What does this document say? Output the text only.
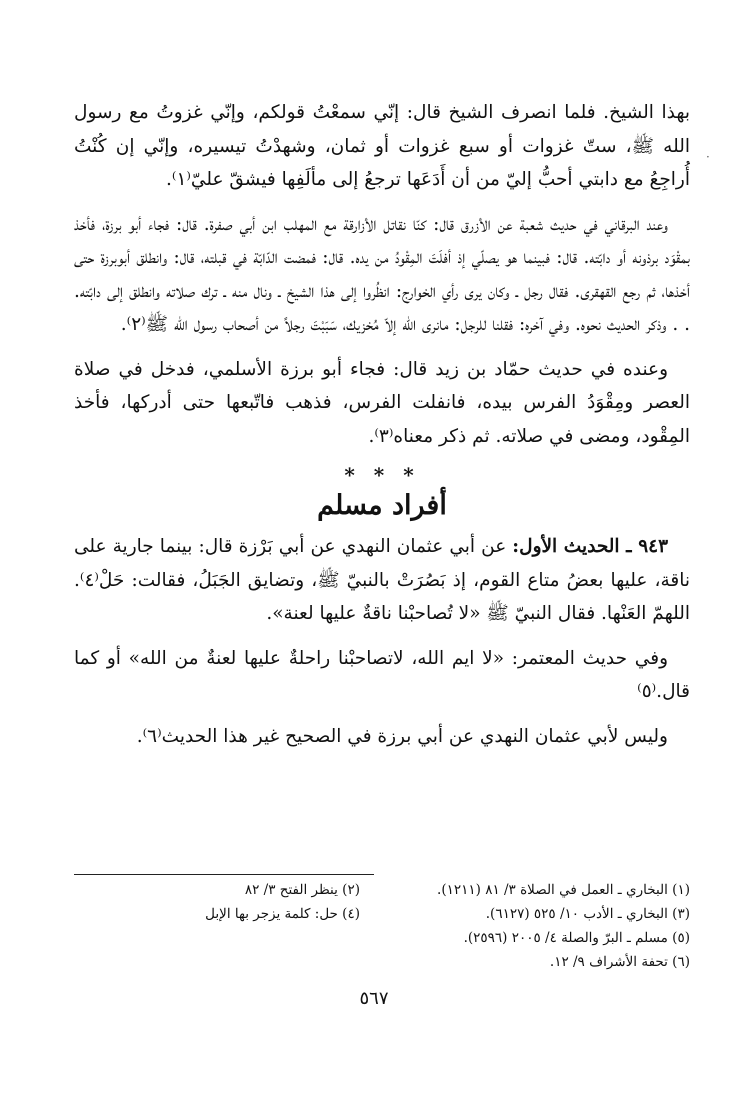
·

بهذا الشيخ. فلما انصرف الشيخ قال: إنّي سمعْتُ قولكم، وإنّي غزوتُ مع رسول الله ﷺ، ستّ غزوات أو سبع غزوات أو ثمان، وشهدْتُ تيسيره، وإنّي إن كُنْتُ أُراجِعُ مع دابتي أحبُّ إليّ من أن أَدَعَها ترجعُ إلى مألَفِها فيشقّ عليّ⁽١⁾.

وعند البرقاني في حديث شعبة عن الأزرق قال: كنّا نقاتل الأزارقة مع المهلب ابن أبي صفرة. قال: فجاء أبو برزة، فأخذ بمقْوَد برذونه أو دابّته. قال: فبينما هو يصلّي إذ أفلَتَ المِقْودُ من يده. قال: فمضت الدّابّة في قبلته، قال: وانطلق أبوبرزة حتى أخذها، ثم رجع القهقرى. فقال رجل ـ وكان يرى رأي الخوارج: انظُروا إلى هذا الشيخ ـ ونال منه ـ ترك صلاته وانطلق إلى دابّته. . . وذكر الحديث نحوه. وفي آخره: فقلنا للرجل: مانرى الله إلاّ مُخزيك، سَبَبْتَ رجلاً من أصحاب رسول الله ﷺ⁽٢⁾.

وعنده في حديث حمّاد بن زيد قال: فجاء أبو برزة الأسلمي، فدخل في صلاة العصر ومِقْوَدُ الفرس بيده، فانفلت الفرس، فذهب فاتّبعها حتى أدركها، فأخذ المِقْود، ومضى في صلاته. ثم ذكر معناه⁽٣⁾.

* * *
أفراد مسلم

٩٤٣ ـ الحديث الأول: عن أبي عثمان النهدي عن أبي بَرْزة قال: بينما جارية على ناقة، عليها بعضُ متاع القوم، إذ بَصُرَتْ بالنبيّ ﷺ، وتضايق الجَبَلُ، فقالت: حَلْ⁽٤⁾. اللهمّ العَنْها. فقال النبيّ ﷺ «لا تُصاحبْنا ناقةٌ عليها لعنة».

وفي حديث المعتمر: «لا ايم الله، لاتصاحبْنا راحلةٌ عليها لعنةٌ من الله» أو كما قال.⁽٥⁾

وليس لأبي عثمان النهدي عن أبي برزة في الصحيح غير هذا الحديث⁽٦⁾.

(١) البخاري ـ العمل في الصلاة ٣/ ٨١ (١٢١١).
(٢) ينظر الفتح ٣/ ٨٢
(٣) البخاري ـ الأدب ١٠/ ٥٢٥ (٦١٢٧).
(٤) حل: كلمة يزجر بها الإبل
(٥) مسلم ـ البرّ والصلة ٤/ ٢٠٠٥ (٢٥٩٦).
(٦) تحفة الأشراف ٩/ ١٢.
٥٦٧
